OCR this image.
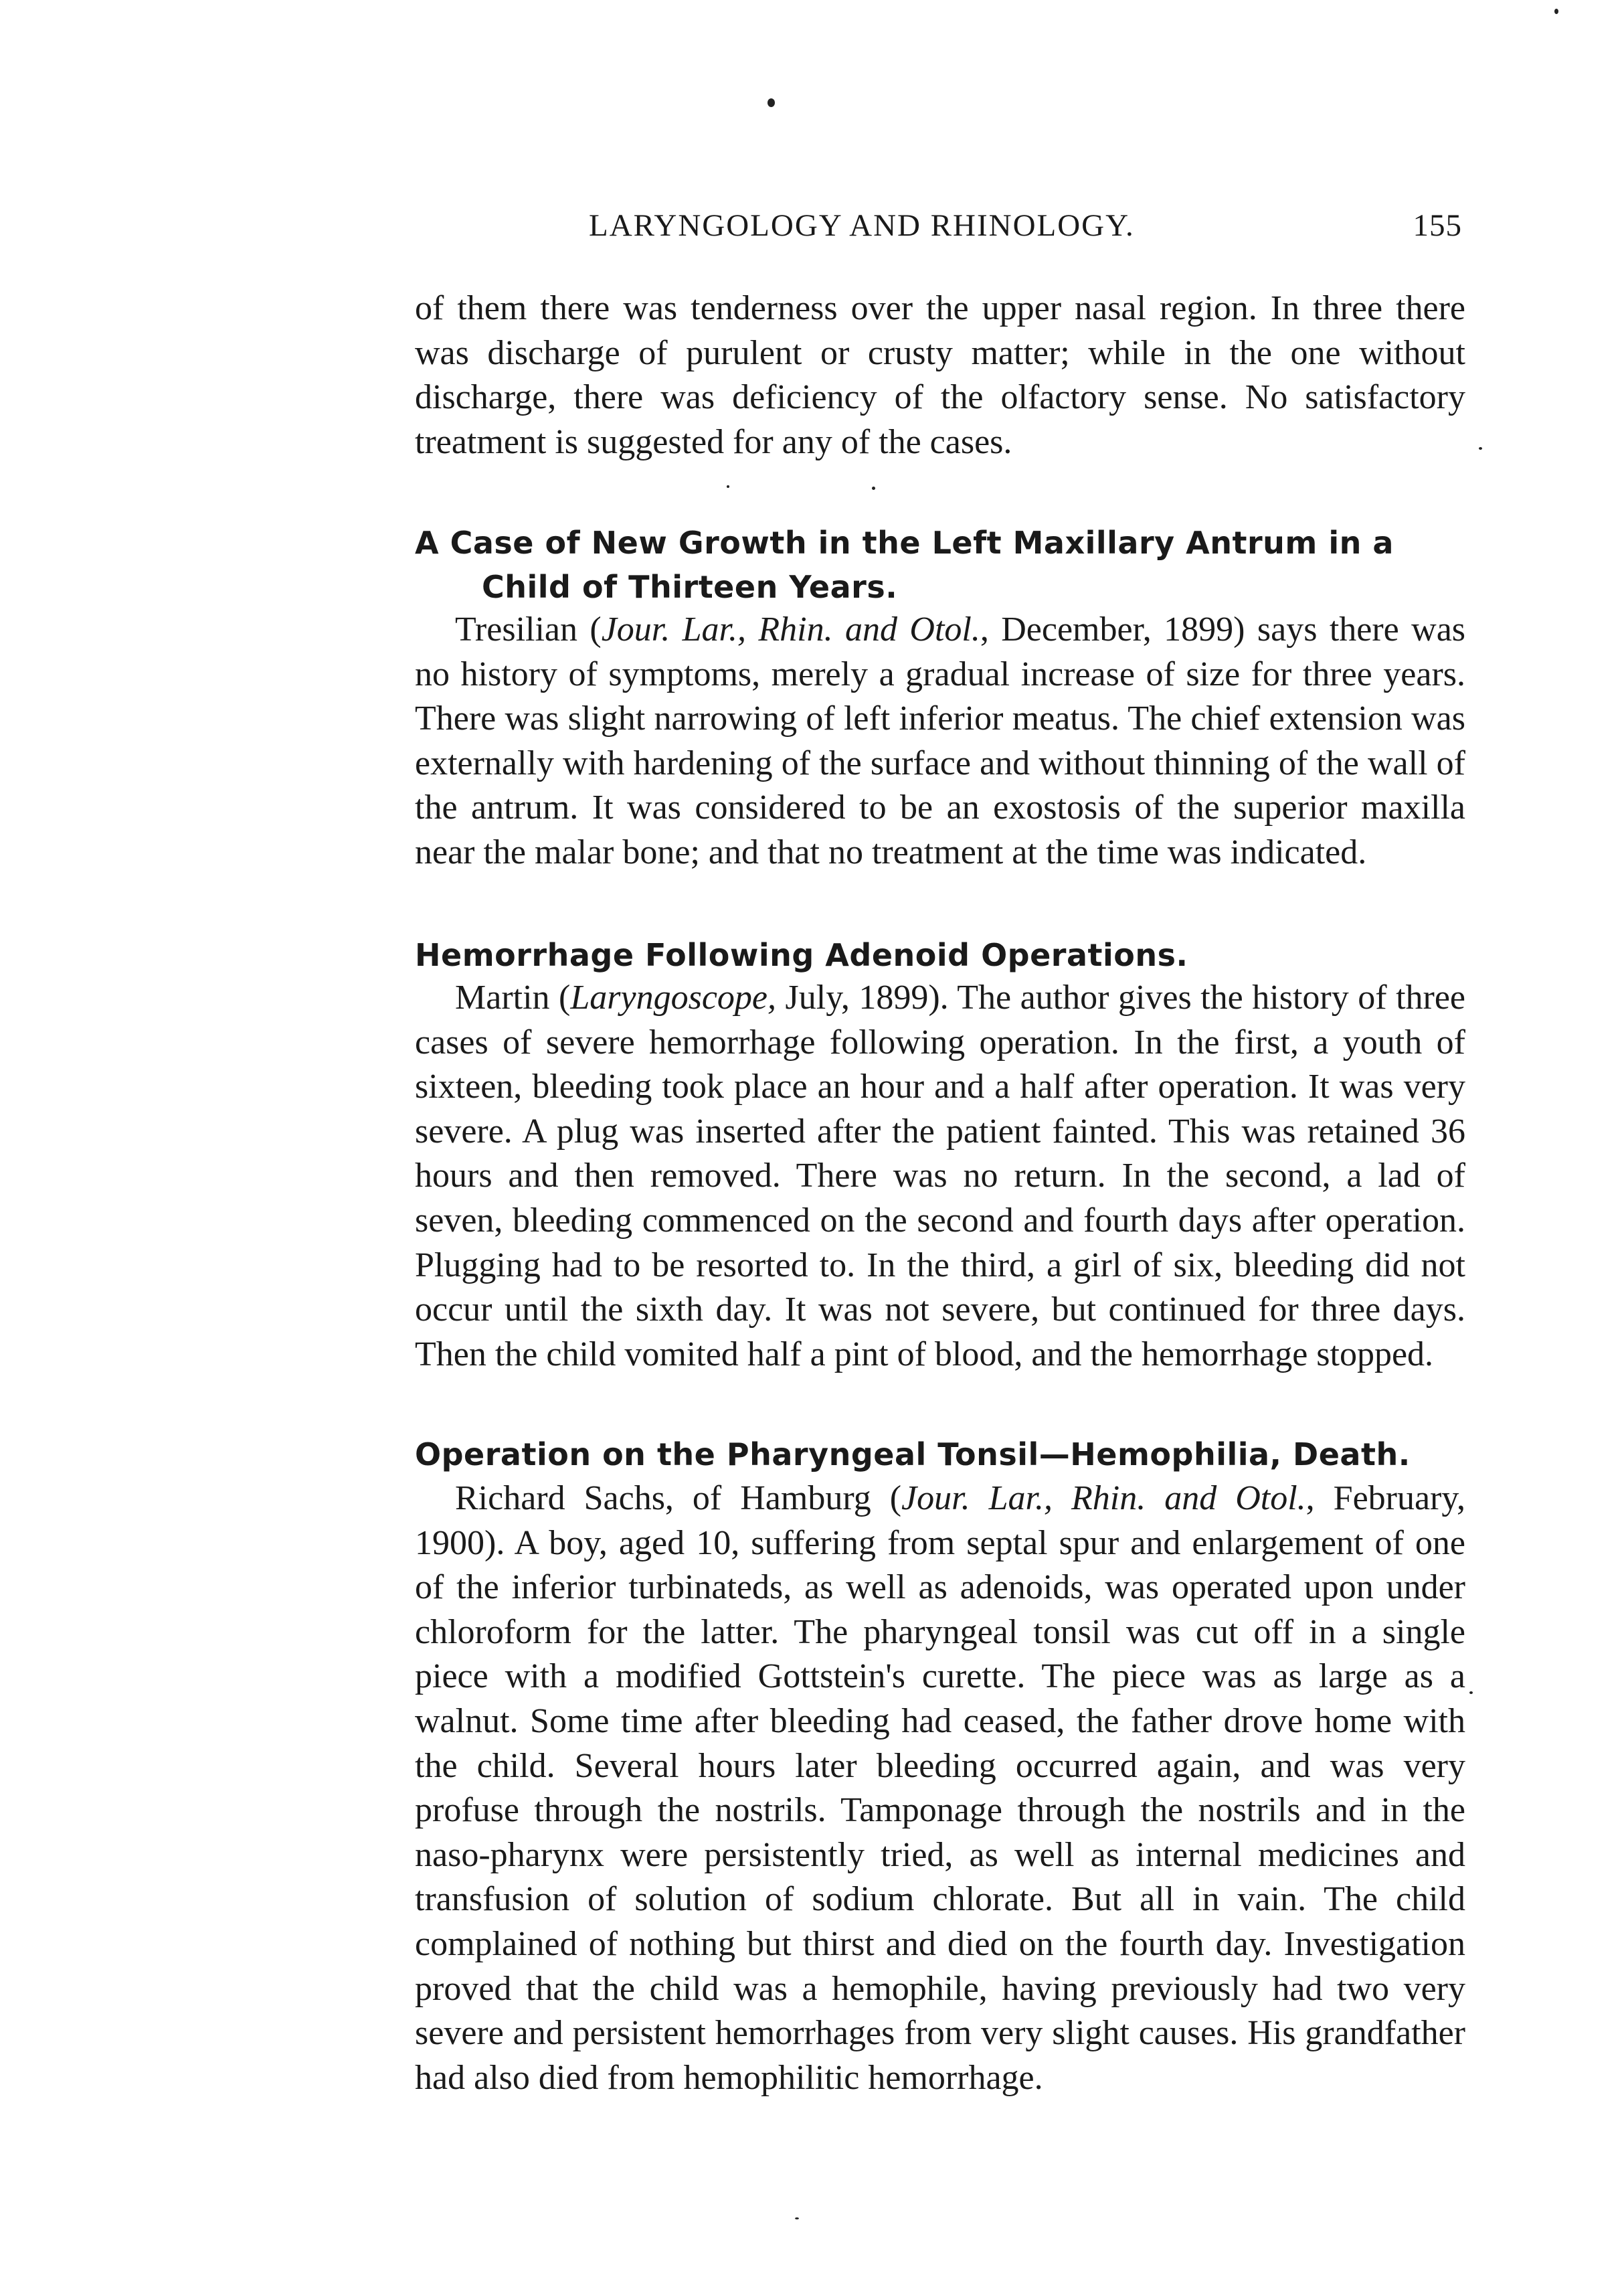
LARYNGOLOGY AND RHINOLOGY.	155

of them there was tenderness over the upper nasal region. In three there was discharge of purulent or crusty matter; while in the one without discharge, there was deficiency of the olfactory sense. No satisfactory treatment is suggested for any of the cases.

A Case of New Growth in the Left Maxillary Antrum in a
Child of Thirteen Years.

Tresilian (Jour. Lar., Rhin. and Otol., December, 1899) says there was no history of symptoms, merely a gradual increase of size for three years. There was slight narrowing of left inferior meatus. The chief extension was externally with hardening of the surface and without thinning of the wall of the antrum. It was considered to be an exostosis of the superior maxilla near the malar bone; and that no treatment at the time was indicated.

Hemorrhage Following Adenoid Operations.

Martin (Laryngoscope, July, 1899). The author gives the history of three cases of severe hemorrhage following operation. In the first, a youth of sixteen, bleeding took place an hour and a half after operation. It was very severe. A plug was inserted after the patient fainted. This was retained 36 hours and then removed. There was no return. In the second, a lad of seven, bleeding commenced on the second and fourth days after operation. Plugging had to be resorted to. In the third, a girl of six, bleeding did not occur until the sixth day. It was not severe, but continued for three days. Then the child vomited half a pint of blood, and the hemorrhage stopped.

Operation on the Pharyngeal Tonsil—Hemophilia, Death.

Richard Sachs, of Hamburg (Jour. Lar., Rhin. and Otol., February, 1900). A boy, aged 10, suffering from septal spur and enlargement of one of the inferior turbinateds, as well as adenoids, was operated upon under chloroform for the latter. The pharyngeal tonsil was cut off in a single piece with a modified Gottstein's curette. The piece was as large as a walnut. Some time after bleeding had ceased, the father drove home with the child. Several hours later bleeding occurred again, and was very profuse through the nostrils. Tamponage through the nostrils and in the naso-pharynx were persistently tried, as well as internal medicines and transfusion of solution of sodium chlorate. But all in vain. The child complained of nothing but thirst and died on the fourth day. Investigation proved that the child was a hemophile, having previously had two very severe and persistent hemorrhages from very slight causes. His grandfather had also died from hemophilitic hemorrhage.
